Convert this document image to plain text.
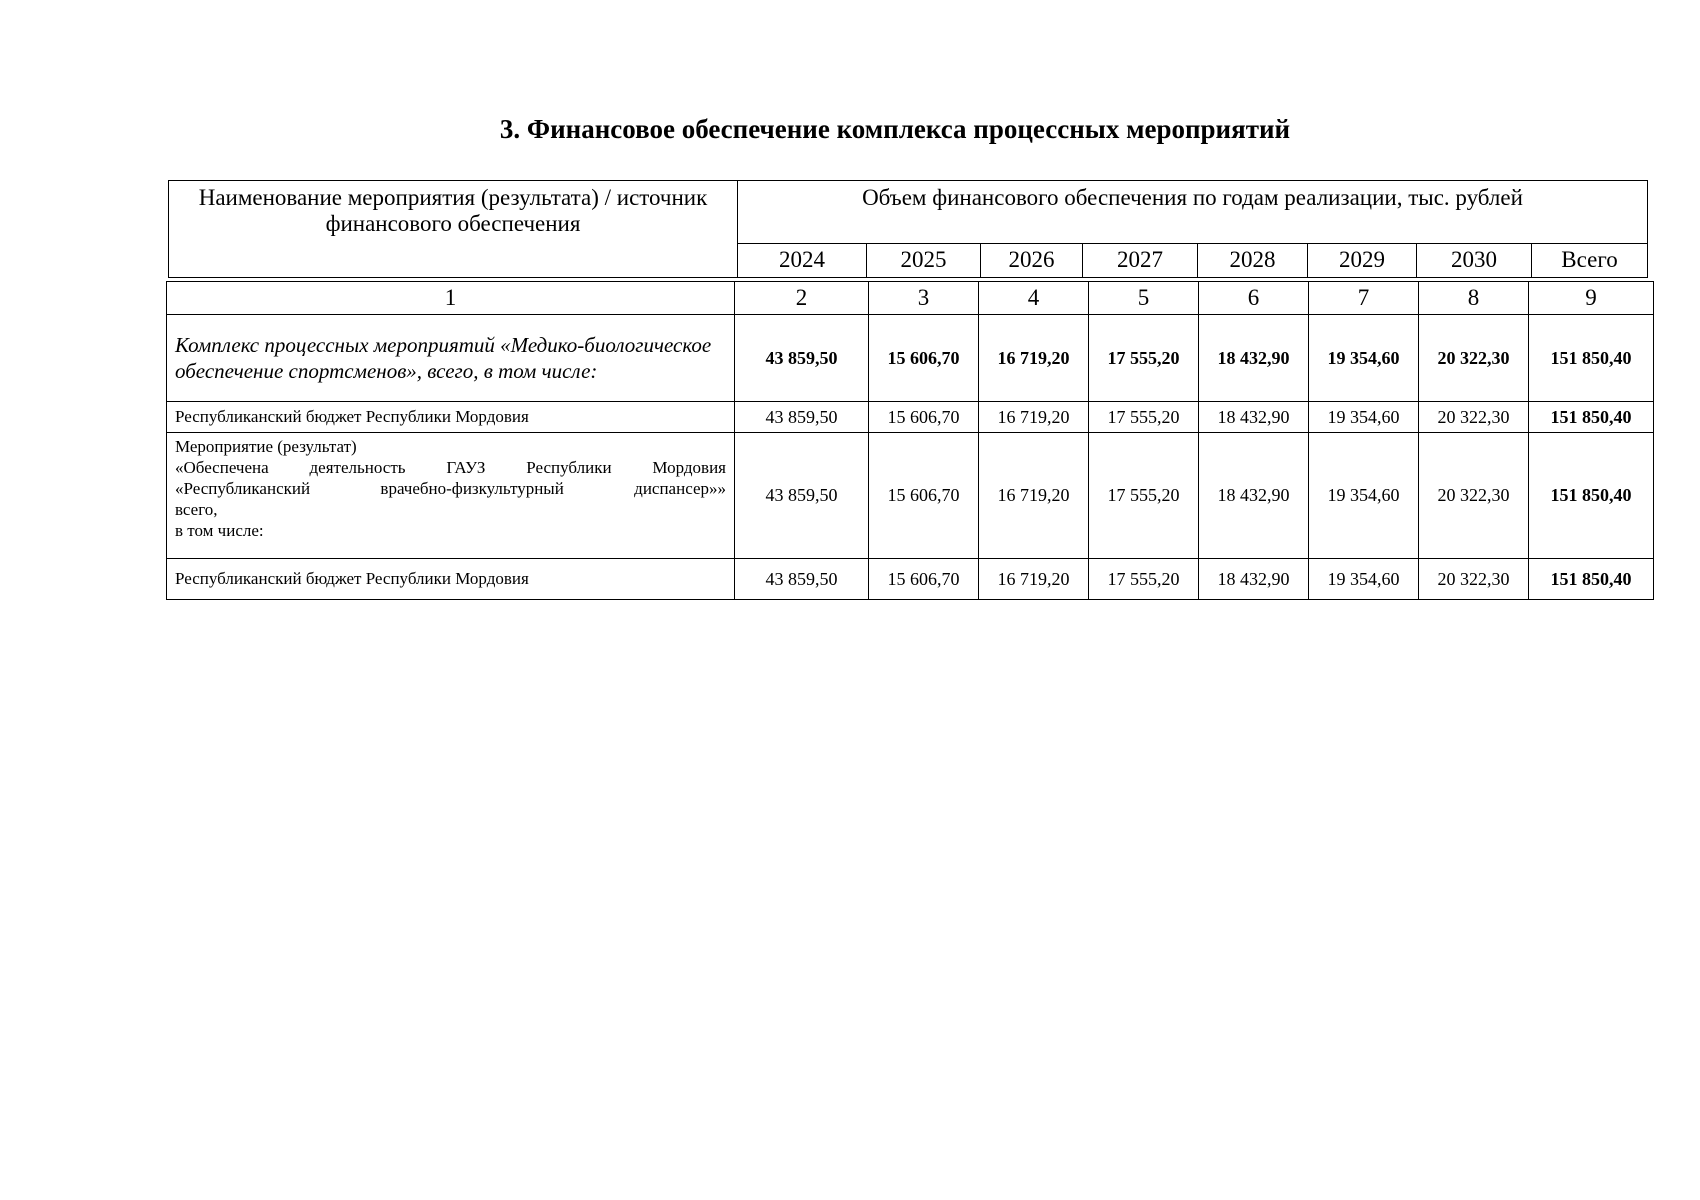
3. Финансовое обеспечение комплекса процессных мероприятий
Наименование мероприятия (результата) / источник финансового обеспечения	Объем финансового обеспечения по годам реализации, тыс. рублей							
	2024	2025	2026	2027	2028	2029	2030	Всего
1	2	3	4	5	6	7	8	9
Комплекс процессных мероприятий «Медико-биологическое обеспечение спортсменов», всего, в том числе:	43 859,50	15 606,70	16 719,20	17 555,20	18 432,90	19 354,60	20 322,30	151 850,40
Республиканский бюджет Республики Мордовия	43 859,50	15 606,70	16 719,20	17 555,20	18 432,90	19 354,60	20 322,30	151 850,40

Мероприятие (результат)
«Обеспечена деятельность ГАУЗ Республики Мордовия
«Республиканский врачебно-физкультурный диспансер»»
всего,
в том числе:	43 859,50	15 606,70	16 719,20	17 555,20	18 432,90	19 354,60	20 322,30	151 850,40
Республиканский бюджет Республики Мордовия	43 859,50	15 606,70	16 719,20	17 555,20	18 432,90	19 354,60	20 322,30	151 850,40
